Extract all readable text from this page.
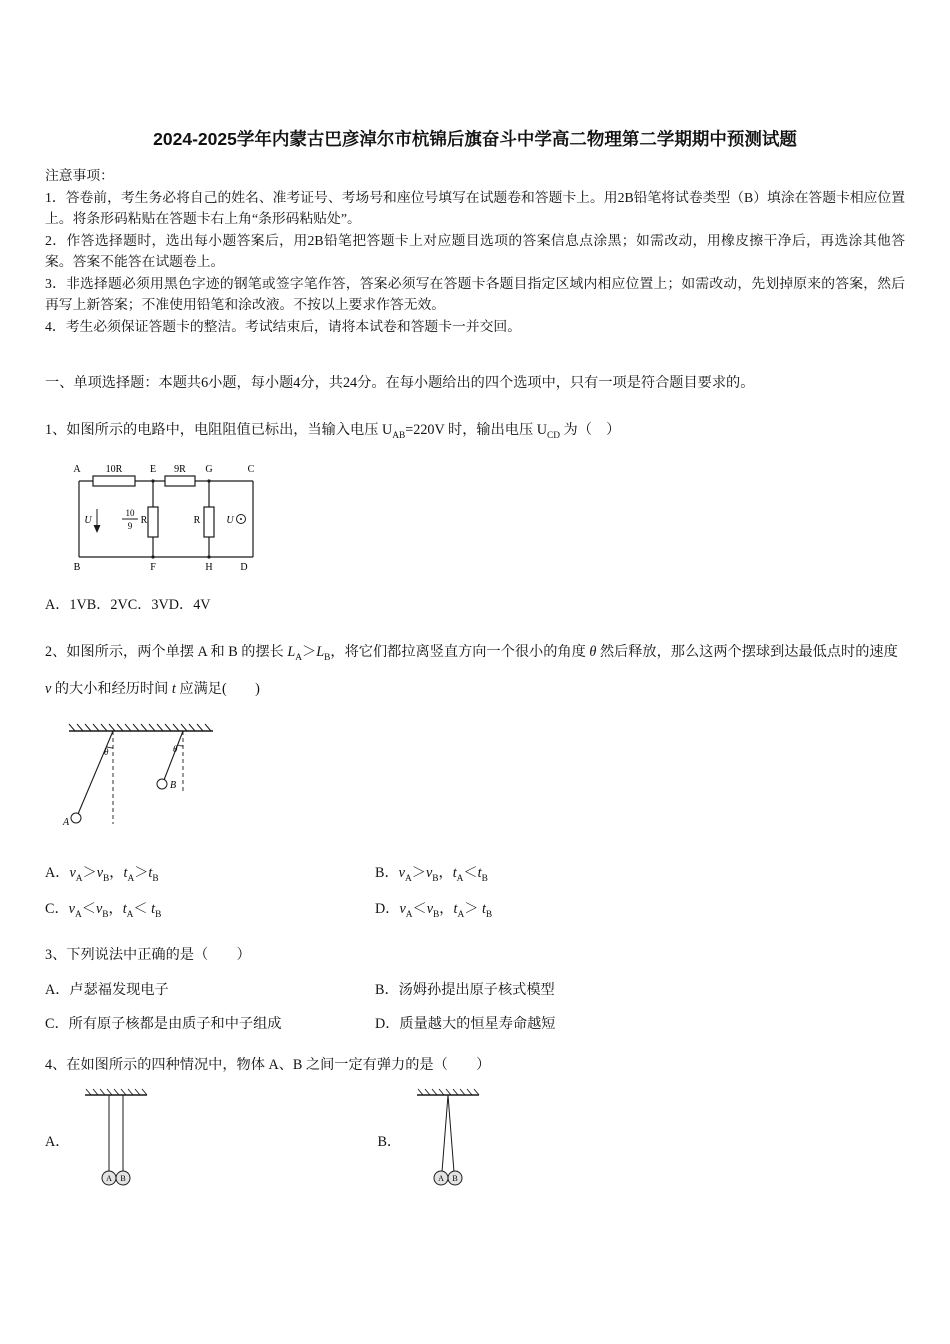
2024-2025学年内蒙古巴彦淖尔市杭锦后旗奋斗中学高二物理第二学期期中预测试题

注意事项：

1．答卷前，考生务必将自己的姓名、准考证号、考场号和座位号填写在试题卷和答题卡上。用2B铅笔将试卷类型（B）填涂在答题卡相应位置上。将条形码粘贴在答题卡右上角“条形码粘贴处”。

2．作答选择题时，选出每小题答案后，用2B铅笔把答题卡上对应题目选项的答案信息点涂黑；如需改动，用橡皮擦干净后，再选涂其他答案。答案不能答在试题卷上。

3．非选择题必须用黑色字迹的钢笔或签字笔作答，答案必须写在答题卡各题目指定区域内相应位置上；如需改动，先划掉原来的答案，然后再写上新答案；不准使用铅笔和涂改液。不按以上要求作答无效。

4．考生必须保证答题卡的整洁。考试结束后，请将本试卷和答题卡一并交回。

一、单项选择题：本题共6小题，每小题4分，共24分。在每小题给出的四个选项中，只有一项是符合题目要求的。

1、如图所示的电路中，电阻阻值已标出，当输入电压 $U_{AB}=220V$ 时，输出电压 $U_{CD}$ 为（　）

A	10R	E 9R G	C
B	F	H	D
10
9 R	R
U	U

A．1VB．2VC．3VD．4V

2、如图所示，两个单摆 A 和 B 的摆长 $L_A>L_B$，将它们都拉离竖直方向一个很小的角度 θ 然后释放，那么这两个摆球到达最低点时的速度 v 的大小和经历时间 t 应满足(　　)

A
B
θ	θ

A．$v_A>v_B$，$t_A>t_B$	B．$v_A>v_B$，$t_A<t_B$

C．$v_A<v_B$，$t_A< t_B$	D．$v_A<v_B$，$t_A> t_B$

3、下列说法中正确的是（　　）

A．卢瑟福发现电子	B．汤姆孙提出原子核式模型

C．所有原子核都是由质子和中子组成	D．质量越大的恒星寿命越短

4、在如图所示的四种情况中，物体 A、B 之间一定有弹力的是（　　）

A．
A B
B．
A B
